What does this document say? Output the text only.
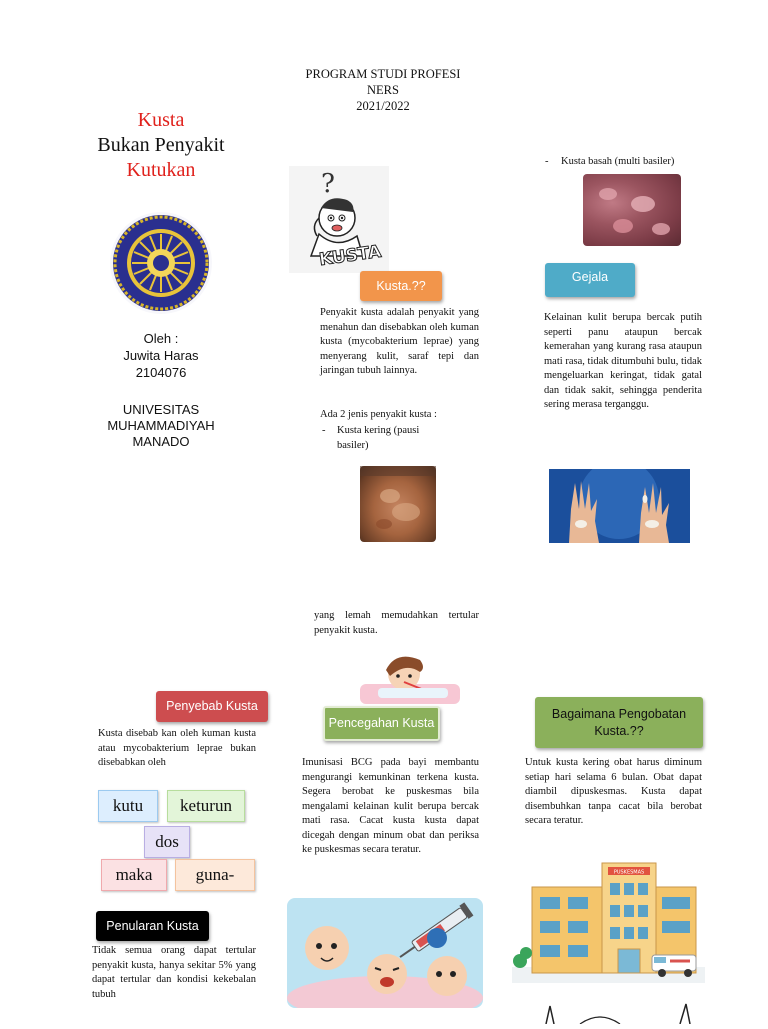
PROGRAM STUDI PROFESI
NERS
2021/2022
Kusta
Bukan Penyakit
Kutukan
Oleh :
Juwita Haras
2104076
UNIVESITAS
MUHAMMADIYAH
MANADO
?
KUSTA
Kusta.??
Penyakit kusta adalah penyakit yang menahun dan disebabkan oleh kuman kusta (mycobakterium leprae) yang menyerang kulit, saraf tepi dan jaringan tubuh lainnya.
Ada 2 jenis penyakit kusta :
-	Kusta kering (pausi basiler)
-	Kusta basah (multi basiler)
Gejala
Kelainan kulit berupa bercak putih seperti panu ataupun bercak kemerahan yang kurang rasa ataupun mati rasa, tidak ditumbuhi bulu, tidak mengeluarkan keringat, tidak gatal dan tidak sakit, sehingga penderita sering merasa terganggu.
yang lemah memudahkan tertular penyakit kusta.
Penyebab Kusta
Kusta disebab kan oleh kuman kusta atau mycobakterium leprae bukan disebabkan oleh
kutu	keturun
dos
maka	guna-
Penularan Kusta
Tidak semua orang dapat tertular penyakit kusta, hanya sekitar 5% yang dapat tertular dan kondisi kekebalan tubuh
Pencegahan Kusta
Imunisasi BCG pada bayi membantu mengurangi kemunkinan terkena kusta. Segera berobat ke puskesmas bila mengalami kelainan kulit berupa bercak mati rasa. Cacat kusta kusta dapat dicegah dengan minum obat dan periksa ke puskesmas secara teratur.
Bagaimana Pengobatan Kusta.??
Untuk kusta kering obat harus diminum setiap hari selama 6 bulan. Obat dapat diambil dipuskesmas. Kusta dapat disembuhkan tanpa cacat bila berobat secara teratur.
PUSKESMAS
